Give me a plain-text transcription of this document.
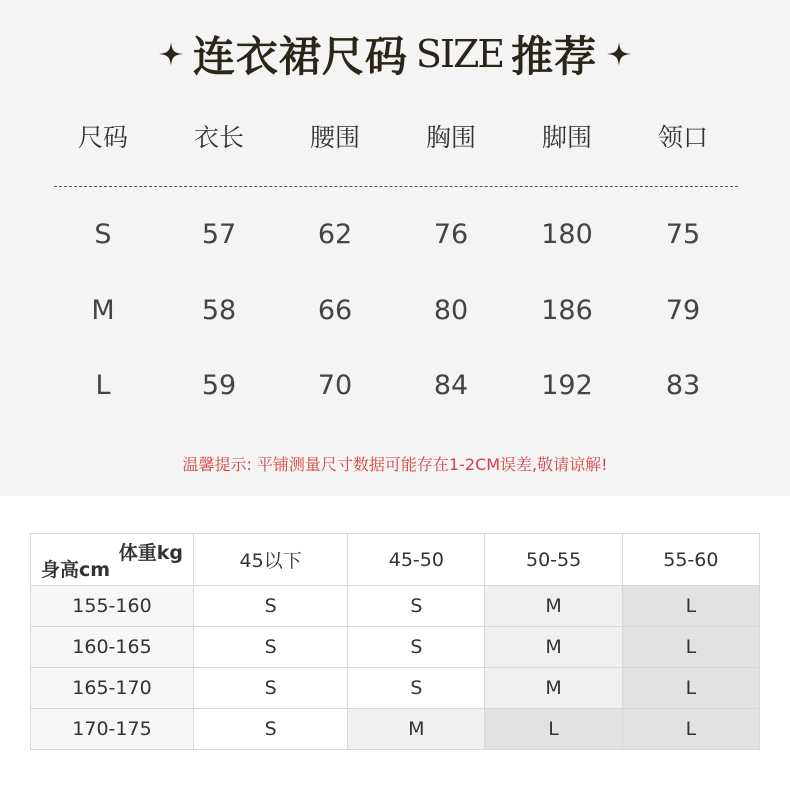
连衣裙尺码 SIZE 推荐
尺码	衣长	腰围	胸围	脚围	领口
S	57	62	76	180	75
M	58	66	80	186	79
L	59	70	84	192	83
温馨提示: 平铺测量尺寸数据可能存在1-2CM误差,敬请谅解!
体重kg
身高cm	45以下	45-50	50-55	55-60
155-160	S	S	M	L
160-165	S	S	M	L
165-170	S	S	M	L
170-175	S	M	L	L
